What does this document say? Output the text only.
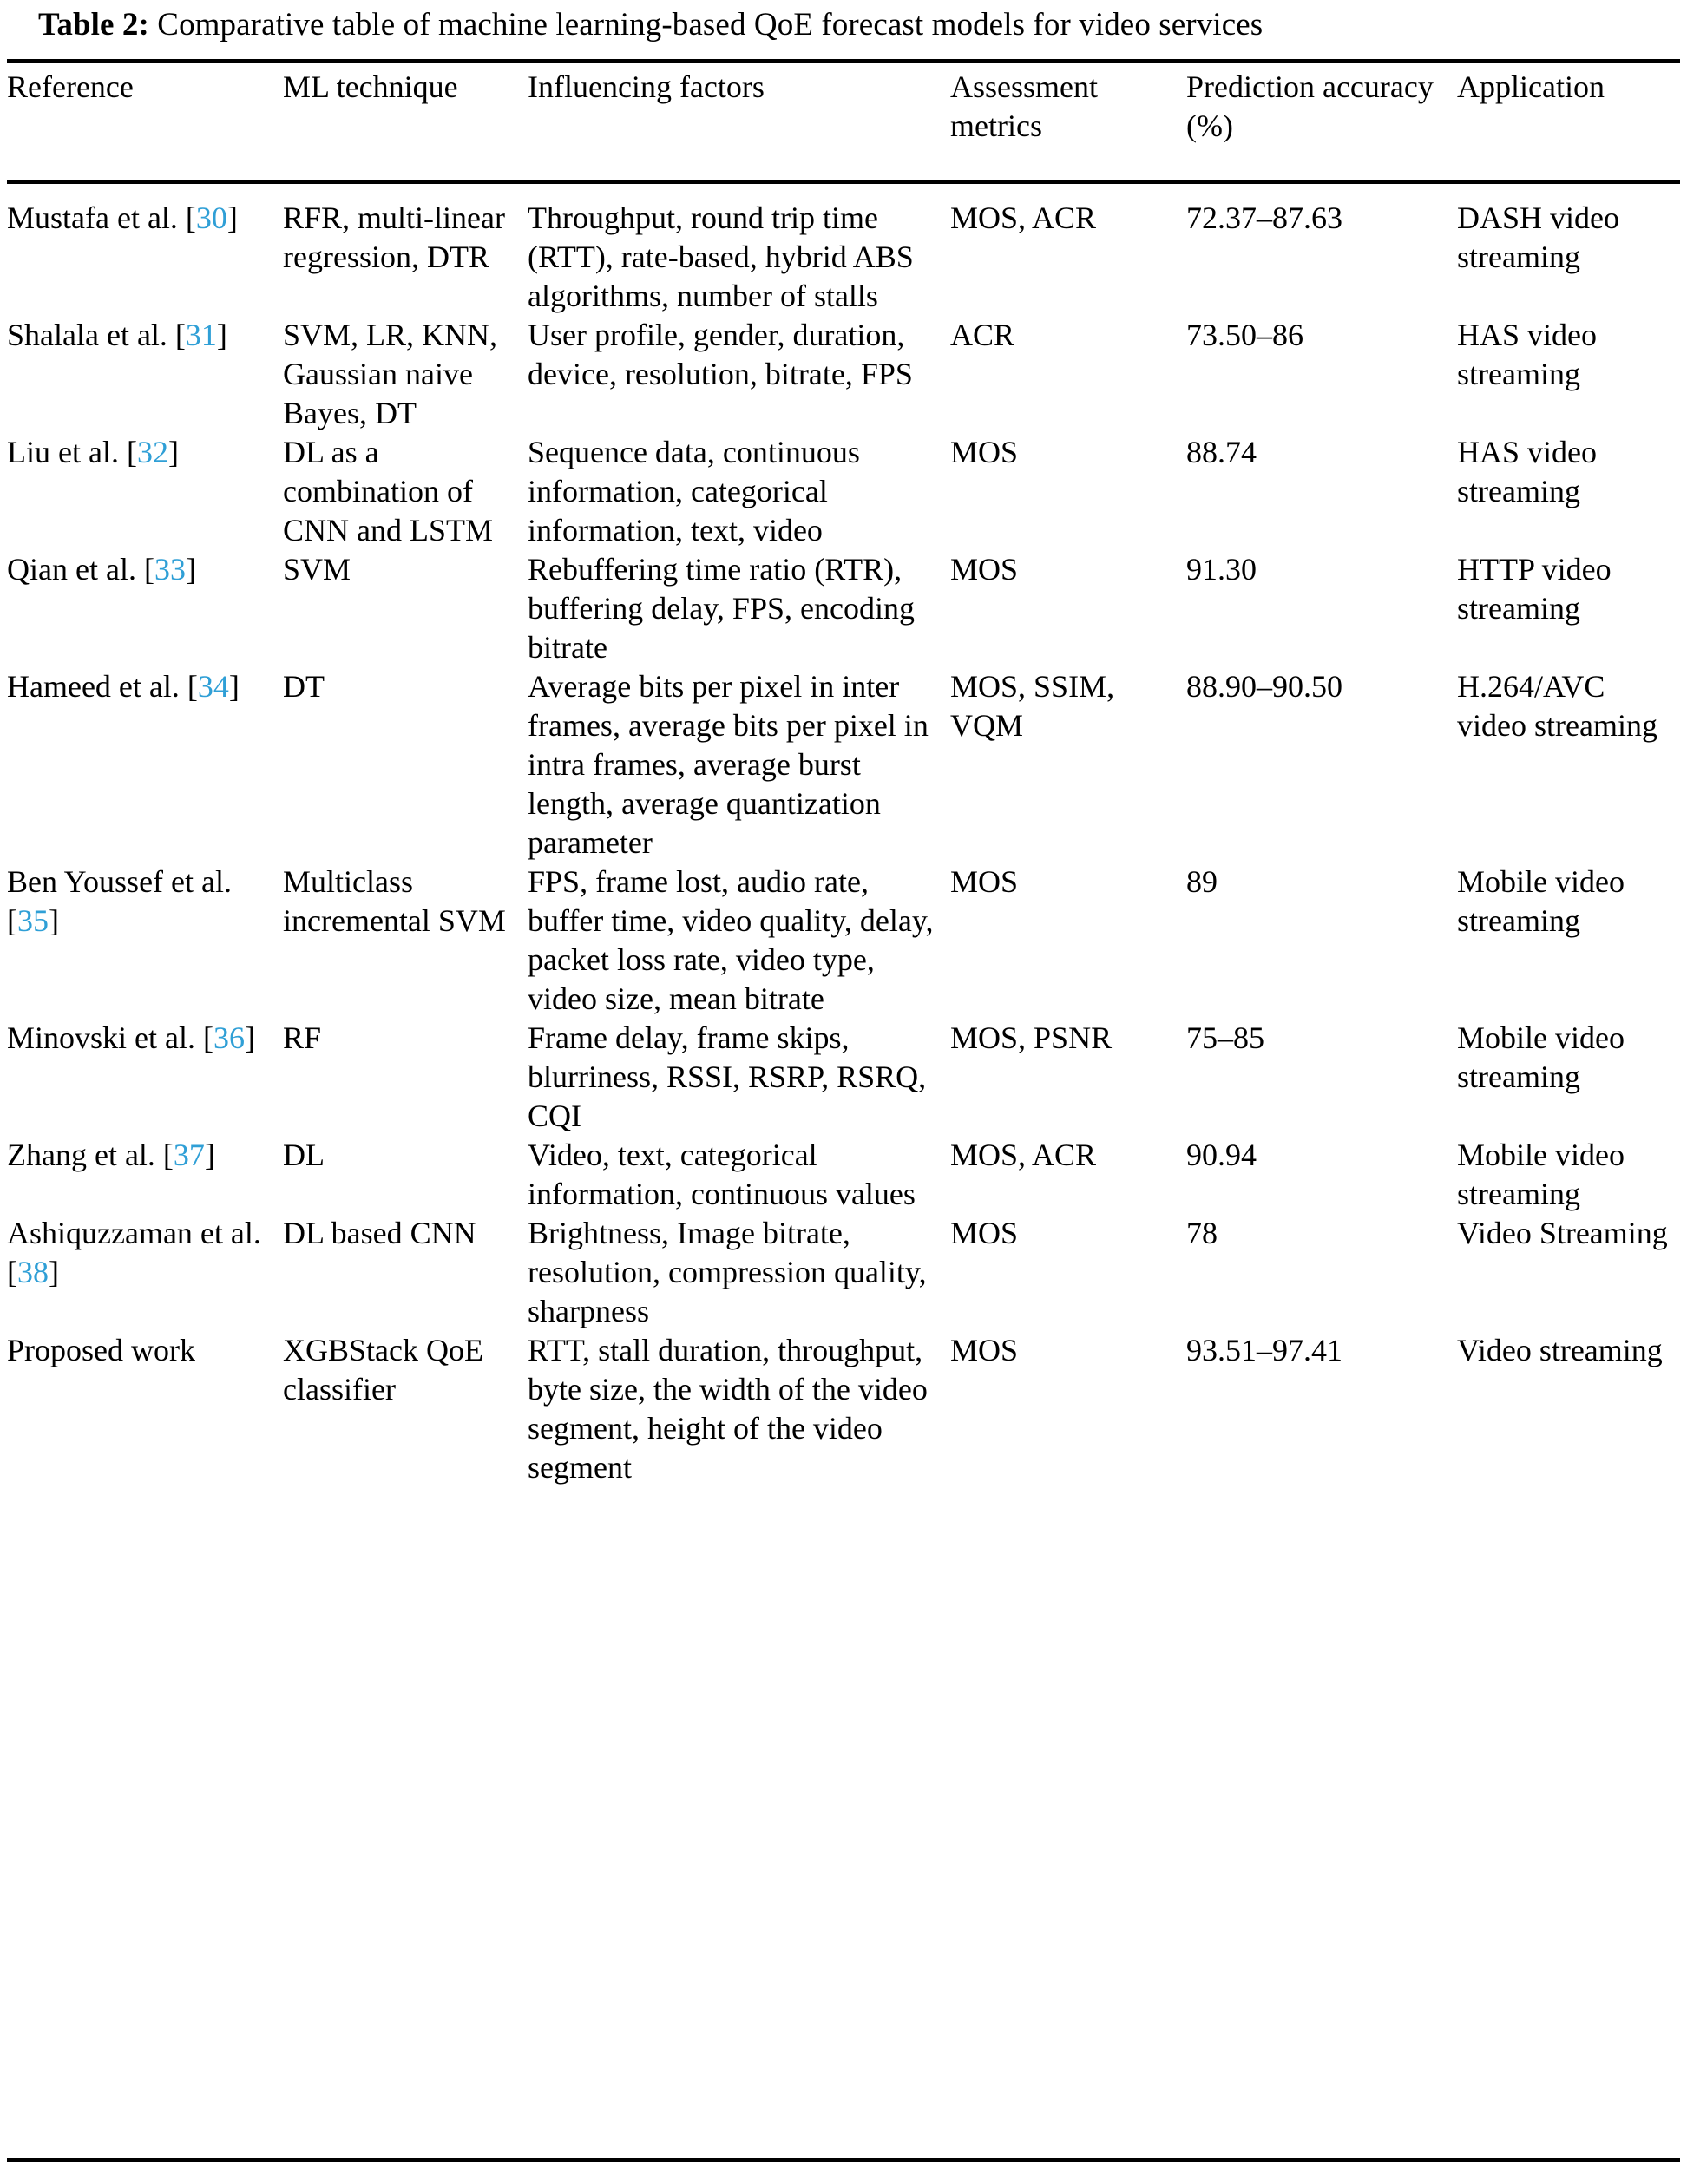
Table 2: Comparative table of machine learning-based QoE forecast models for video services

Reference	ML technique	Influencing factors	Assessment metrics	Prediction accuracy (%)	Application

Mustafa et al. [30]	RFR, multi-linear regression, DTR	Throughput, round trip time (RTT), rate-based, hybrid ABS algorithms, number of stalls	MOS, ACR	72.37–87.63	DASH video streaming
Shalala et al. [31]	SVM, LR, KNN, Gaussian naive Bayes, DT	User profile, gender, duration, device, resolution, bitrate, FPS	ACR	73.50–86	HAS video streaming
Liu et al. [32]	DL as a combination of CNN and LSTM	Sequence data, continuous information, categorical information, text, video	MOS	88.74	HAS video streaming
Qian et al. [33]	SVM	Rebuffering time ratio (RTR), buffering delay, FPS, encoding bitrate	MOS	91.30	HTTP video streaming
Hameed et al. [34]	DT	Average bits per pixel in inter frames, average bits per pixel in intra frames, average burst length, average quantization parameter	MOS, SSIM, VQM	88.90–90.50	H.264/AVC video streaming
Ben Youssef et al. [35]	Multiclass incremental SVM	FPS, frame lost, audio rate, buffer time, video quality, delay, packet loss rate, video type, video size, mean bitrate	MOS	89	Mobile video streaming
Minovski et al. [36]	RF	Frame delay, frame skips, blurriness, RSSI, RSRP, RSRQ, CQI	MOS, PSNR	75–85	Mobile video streaming
Zhang et al. [37]	DL	Video, text, categorical information, continuous values	MOS, ACR	90.94	Mobile video streaming
Ashiquzzaman et al. [38]	DL based CNN	Brightness, Image bitrate, resolution, compression quality, sharpness	MOS	78	Video Streaming
Proposed work	XGBStack QoE classifier	RTT, stall duration, throughput, byte size, the width of the video segment, height of the video segment	MOS	93.51–97.41	Video streaming
